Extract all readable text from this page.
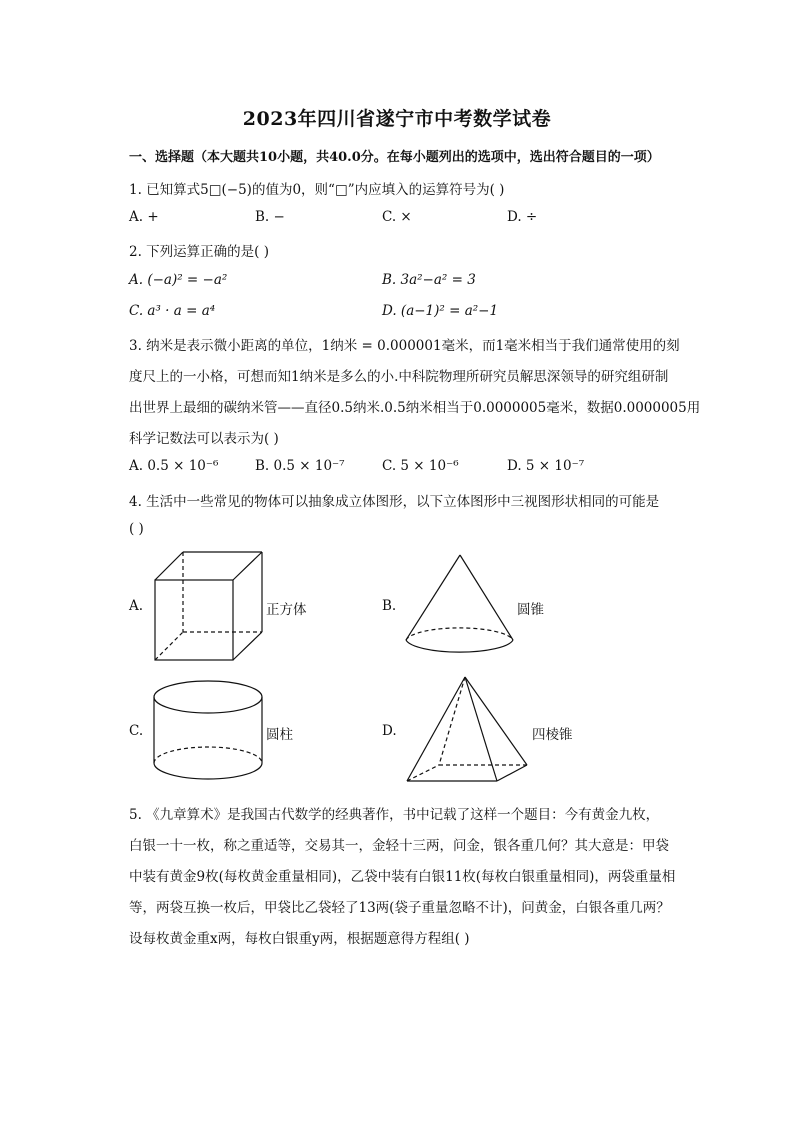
2023年四川省遂宁市中考数学试卷
一、选择题（本大题共10小题，共40.0分。在每小题列出的选项中，选出符合题目的一项）
1. 已知算式5□(−5)的值为0，则“□”内应填入的运算符号为( )
A. +	B. −	C. ×	D. ÷
2. 下列运算正确的是( )
A. (−a)² = −a²	B. 3a²−a² = 3
C. a³ · a = a⁴	D. (a−1)² = a²−1
3. 纳米是表示微小距离的单位，1纳米 = 0.000001毫米，而1毫米相当于我们通常使用的刻
度尺上的一小格，可想而知1纳米是多么的小.中科院物理所研究员解思深领导的研究组研制
出世界上最细的碳纳米管——直径0.5纳米.0.5纳米相当于0.0000005毫米，数据0.0000005用
科学记数法可以表示为( )
A. 0.5 × 10⁻⁶	B. 0.5 × 10⁻⁷	C. 5 × 10⁻⁶	D. 5 × 10⁻⁷
4. 生活中一些常见的物体可以抽象成立体图形，以下立体图形中三视图形状相同的可能是
( )
A.	正方体	B.	圆锥
C.	圆柱	D.	四棱锥
5. 《九章算术》是我国古代数学的经典著作，书中记载了这样一个题目：今有黄金九枚，
白银一十一枚，称之重适等，交易其一，金轻十三两，问金，银各重几何？其大意是：甲袋
中装有黄金9枚(每枚黄金重量相同)，乙袋中装有白银11枚(每枚白银重量相同)，两袋重量相
等，两袋互换一枚后，甲袋比乙袋轻了13两(袋子重量忽略不计)，问黄金，白银各重几两？
设每枚黄金重x两，每枚白银重y两，根据题意得方程组( )
